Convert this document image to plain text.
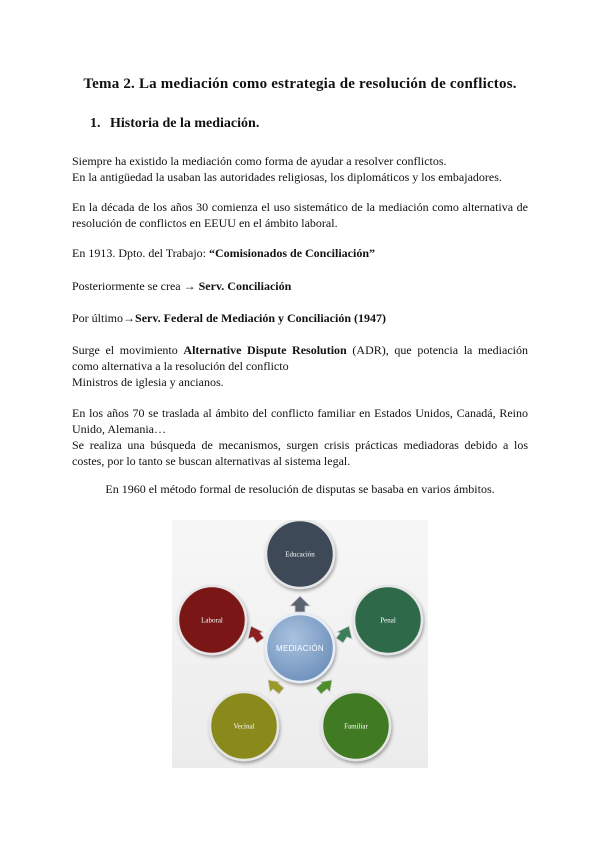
Tema 2. La mediación como estrategia de resolución de conflictos.
1. Historia de la mediación.
Siempre ha existido la mediación como forma de ayudar a resolver conflictos.
En la antigüedad la usaban las autoridades religiosas, los diplomáticos y los embajadores.
En la década de los años 30 comienza el uso sistemático de la mediación como alternativa de
resolución de conflictos en EEUU en el ámbito laboral.
En 1913. Dpto. del Trabajo: “Comisionados de Conciliación”
Posteriormente se crea → Serv. Conciliación
Por último→Serv. Federal de Mediación y Conciliación (1947)
Surge el movimiento Alternative Dispute Resolution (ADR), que potencia la mediación
como alternativa a la resolución del conflicto
Ministros de iglesia y ancianos.
En los años 70 se traslada al ámbito del conflicto familiar en Estados Unidos, Canadá, Reino
Unido, Alemania…
Se realiza una búsqueda de mecanismos, surgen crisis prácticas mediadoras debido a los
costes, por lo tanto se buscan alternativas al sistema legal.
En 1960 el método formal de resolución de disputas se basaba en varios ámbitos.
MEDIACIÓN
Educación
Penal
Familiar
Vecinal
Laboral
